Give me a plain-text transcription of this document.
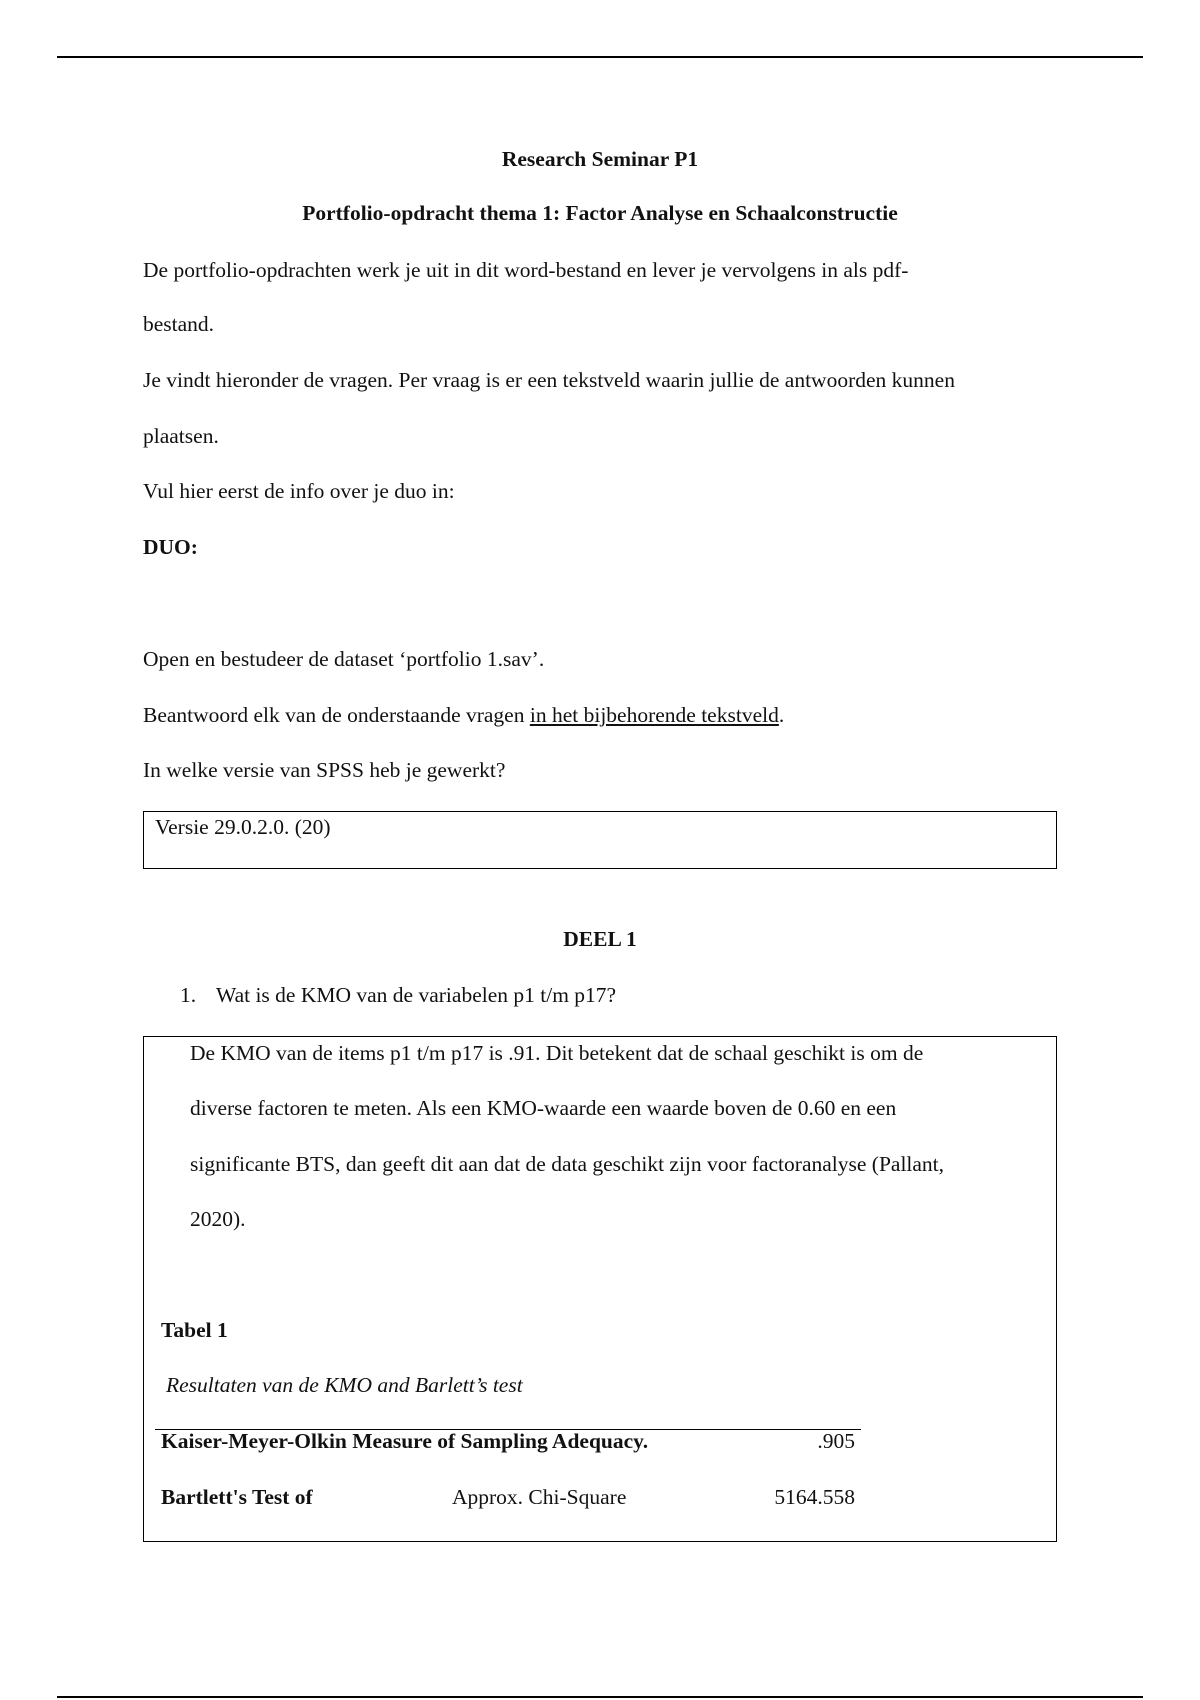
Research Seminar P1
Portfolio-opdracht thema 1: Factor Analyse en Schaalconstructie
De portfolio-opdrachten werk je uit in dit word-bestand en lever je vervolgens in als pdf-
bestand.
Je vindt hieronder de vragen. Per vraag is er een tekstveld waarin jullie de antwoorden kunnen
plaatsen.
Vul hier eerst de info over je duo in:
DUO:
Open en bestudeer de dataset ‘portfolio 1.sav’.
Beantwoord elk van de onderstaande vragen in het bijbehorende tekstveld.
In welke versie van SPSS heb je gewerkt?
Versie 29.0.2.0. (20)
DEEL 1
1. Wat is de KMO van de variabelen p1 t/m p17?
De KMO van de items p1 t/m p17 is .91. Dit betekent dat de schaal geschikt is om de
diverse factoren te meten. Als een KMO-waarde een waarde boven de 0.60 en een
significante BTS, dan geeft dit aan dat de data geschikt zijn voor factoranalyse (Pallant,
2020).
Tabel 1
Resultaten van de KMO and Barlett’s test
Kaiser-Meyer-Olkin Measure of Sampling Adequacy.	.905
Bartlett's Test of	Approx. Chi-Square	5164.558
